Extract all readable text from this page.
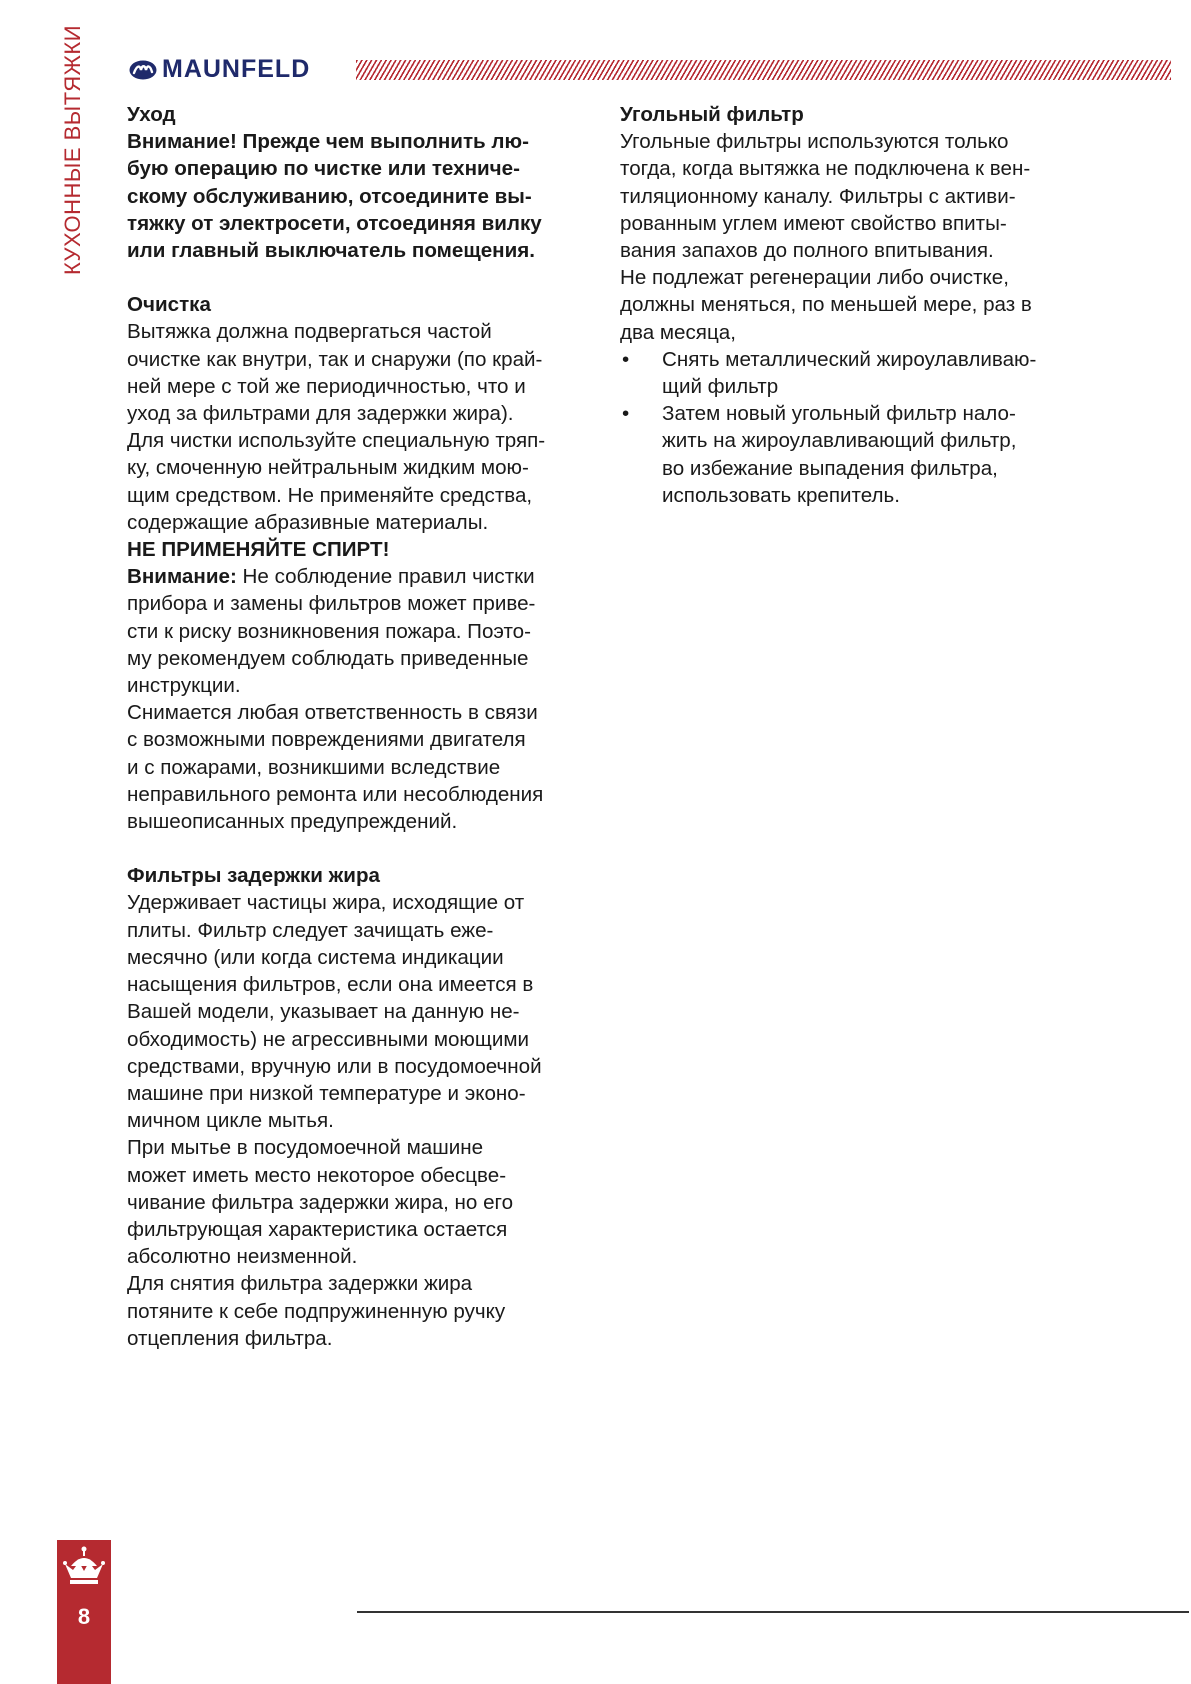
КУХОННЫЕ ВЫТЯЖКИ	MAUNFELD

Уход

Внимание! Прежде чем выполнить лю-

бую операцию по чистке или техниче-

скому обслуживанию, отсоедините вы-

тяжку от электросети, отсоединяя вилку

или главный выключатель помещения.

Очистка

Вытяжка должна подвергаться частой

очистке как внутри, так и снаружи (по край-

ней мере с той же периодичностью, что и

уход за фильтрами для задержки жира).

Для чистки используйте специальную тряп-

ку, смоченную нейтральным жидким мою-

щим средством. Не применяйте средства,

содержащие абразивные материалы.

НЕ ПРИМЕНЯЙТЕ СПИРТ!

Внимание: Не соблюдение правил чистки

прибора и замены фильтров может приве-

сти к риску возникновения пожара. Поэто-

му рекомендуем соблюдать приведенные

инструкции.

Снимается любая ответственность в связи

с возможными повреждениями двигателя

и с пожарами, возникшими вследствие

неправильного ремонта или несоблюдения

вышеописанных предупреждений.

Фильтры задержки жира

Удерживает частицы жира, исходящие от

плиты. Фильтр следует зачищать еже-

месячно (или когда система индикации

насыщения фильтров, если она имеется в

Вашей модели, указывает на данную не-

обходимость) не агрессивными моющими

средствами, вручную или в посудомоечной

машине при низкой температуре и эконо-

мичном цикле мытья.

При мытье в посудомоечной машине

может иметь место некоторое обесцве-

чивание фильтра задержки жира, но его

фильтрующая характеристика остается

абсолютно неизменной.

Для снятия фильтра задержки жира

потяните к себе подпружиненную ручку

отцепления фильтра.

Угольный фильтр

Угольные фильтры используются только

тогда, когда вытяжка не подключена к вен-

тиляционному каналу. Фильтры с активи-

рованным углем имеют свойство впиты-

вания запахов до полного впитывания.

Не подлежат регенерации либо очистке,

должны меняться, по меньшей мере, раз в

два месяца,

• Снять металлический жироулавливаю-

щий фильтр

• Затем новый угольный фильтр нало-

жить на жироулавливающий фильтр,

во избежание выпадения фильтра,

использовать крепитель.

8
